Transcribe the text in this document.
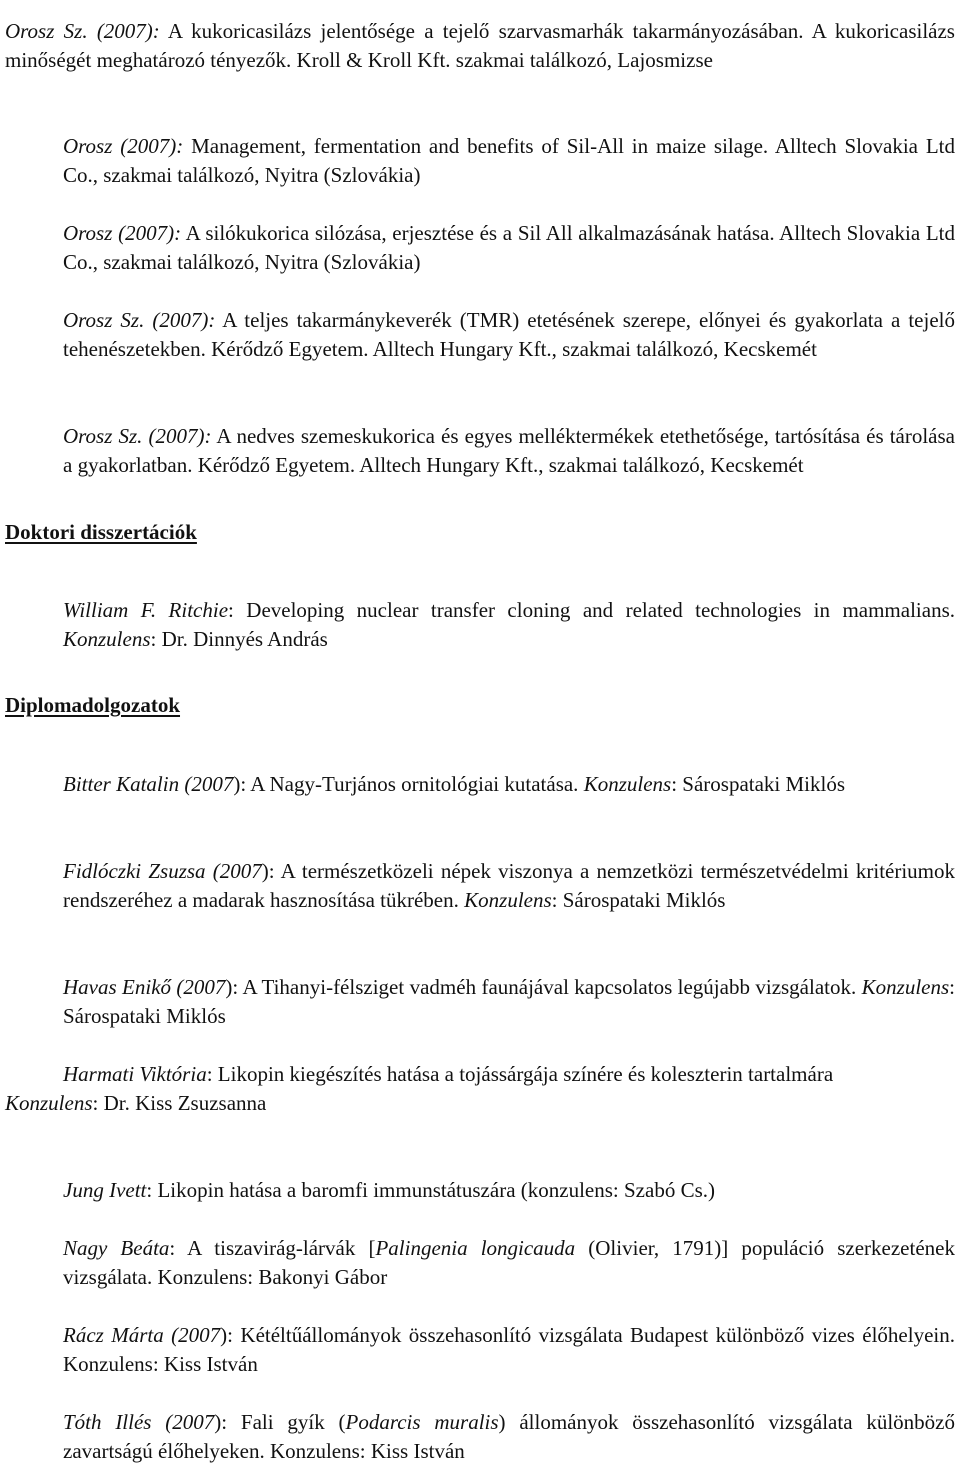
Orosz Sz. (2007): A kukoricasilázs jelentősége a tejelő szarvasmarhák takarmányozásában. A kukoricasilázs minőségét meghatározó tényezők. Kroll & Kroll Kft. szakmai találkozó, Lajosmizse

Orosz (2007): Management, fermentation and benefits of Sil-All in maize silage. Alltech Slovakia Ltd Co., szakmai találkozó, Nyitra (Szlovákia)

Orosz (2007): A silókukorica silózása, erjesztése és a Sil All alkalmazásának hatása. Alltech Slovakia Ltd Co., szakmai találkozó, Nyitra (Szlovákia)

Orosz Sz. (2007): A teljes takarmánykeverék (TMR) etetésének szerepe, előnyei és gyakorlata a tejelő tehenészetekben. Kérődző Egyetem. Alltech Hungary Kft., szakmai találkozó, Kecskemét

Orosz Sz. (2007): A nedves szemeskukorica és egyes melléktermékek etethetősége, tartósítása és tárolása a gyakorlatban. Kérődző Egyetem. Alltech Hungary Kft., szakmai találkozó, Kecskemét

Doktori disszertációk

William F. Ritchie: Developing nuclear transfer cloning and related technologies in mammalians. Konzulens: Dr. Dinnyés András

Diplomadolgozatok

Bitter Katalin (2007): A Nagy-Turjános ornitológiai kutatása. Konzulens: Sárospataki Miklós

Fidlóczki Zsuzsa (2007): A természetközeli népek viszonya a nemzetközi természetvédelmi kritériumok rendszeréhez a madarak hasznosítása tükrében. Konzulens: Sárospataki Miklós

Havas Enikő (2007): A Tihanyi-félsziget vadméh faunájával kapcsolatos legújabb vizsgálatok. Konzulens: Sárospataki Miklós

Harmati Viktória: Likopin kiegészítés hatása a tojássárgája színére és koleszterin tartalmára
Konzulens: Dr. Kiss Zsuzsanna

Jung Ivett: Likopin hatása a baromfi immunstátuszára (konzulens: Szabó Cs.)

Nagy Beáta: A tiszavirág-lárvák [Palingenia longicauda (Olivier, 1791)] populáció szerkezetének vizsgálata. Konzulens: Bakonyi Gábor

Rácz Márta (2007): Kétéltűállományok összehasonlító vizsgálata Budapest különböző vizes élőhelyein. Konzulens: Kiss István

Tóth Illés (2007): Fali gyík (Podarcis muralis) állományok összehasonlító vizsgálata különböző zavartságú élőhelyeken. Konzulens: Kiss István
